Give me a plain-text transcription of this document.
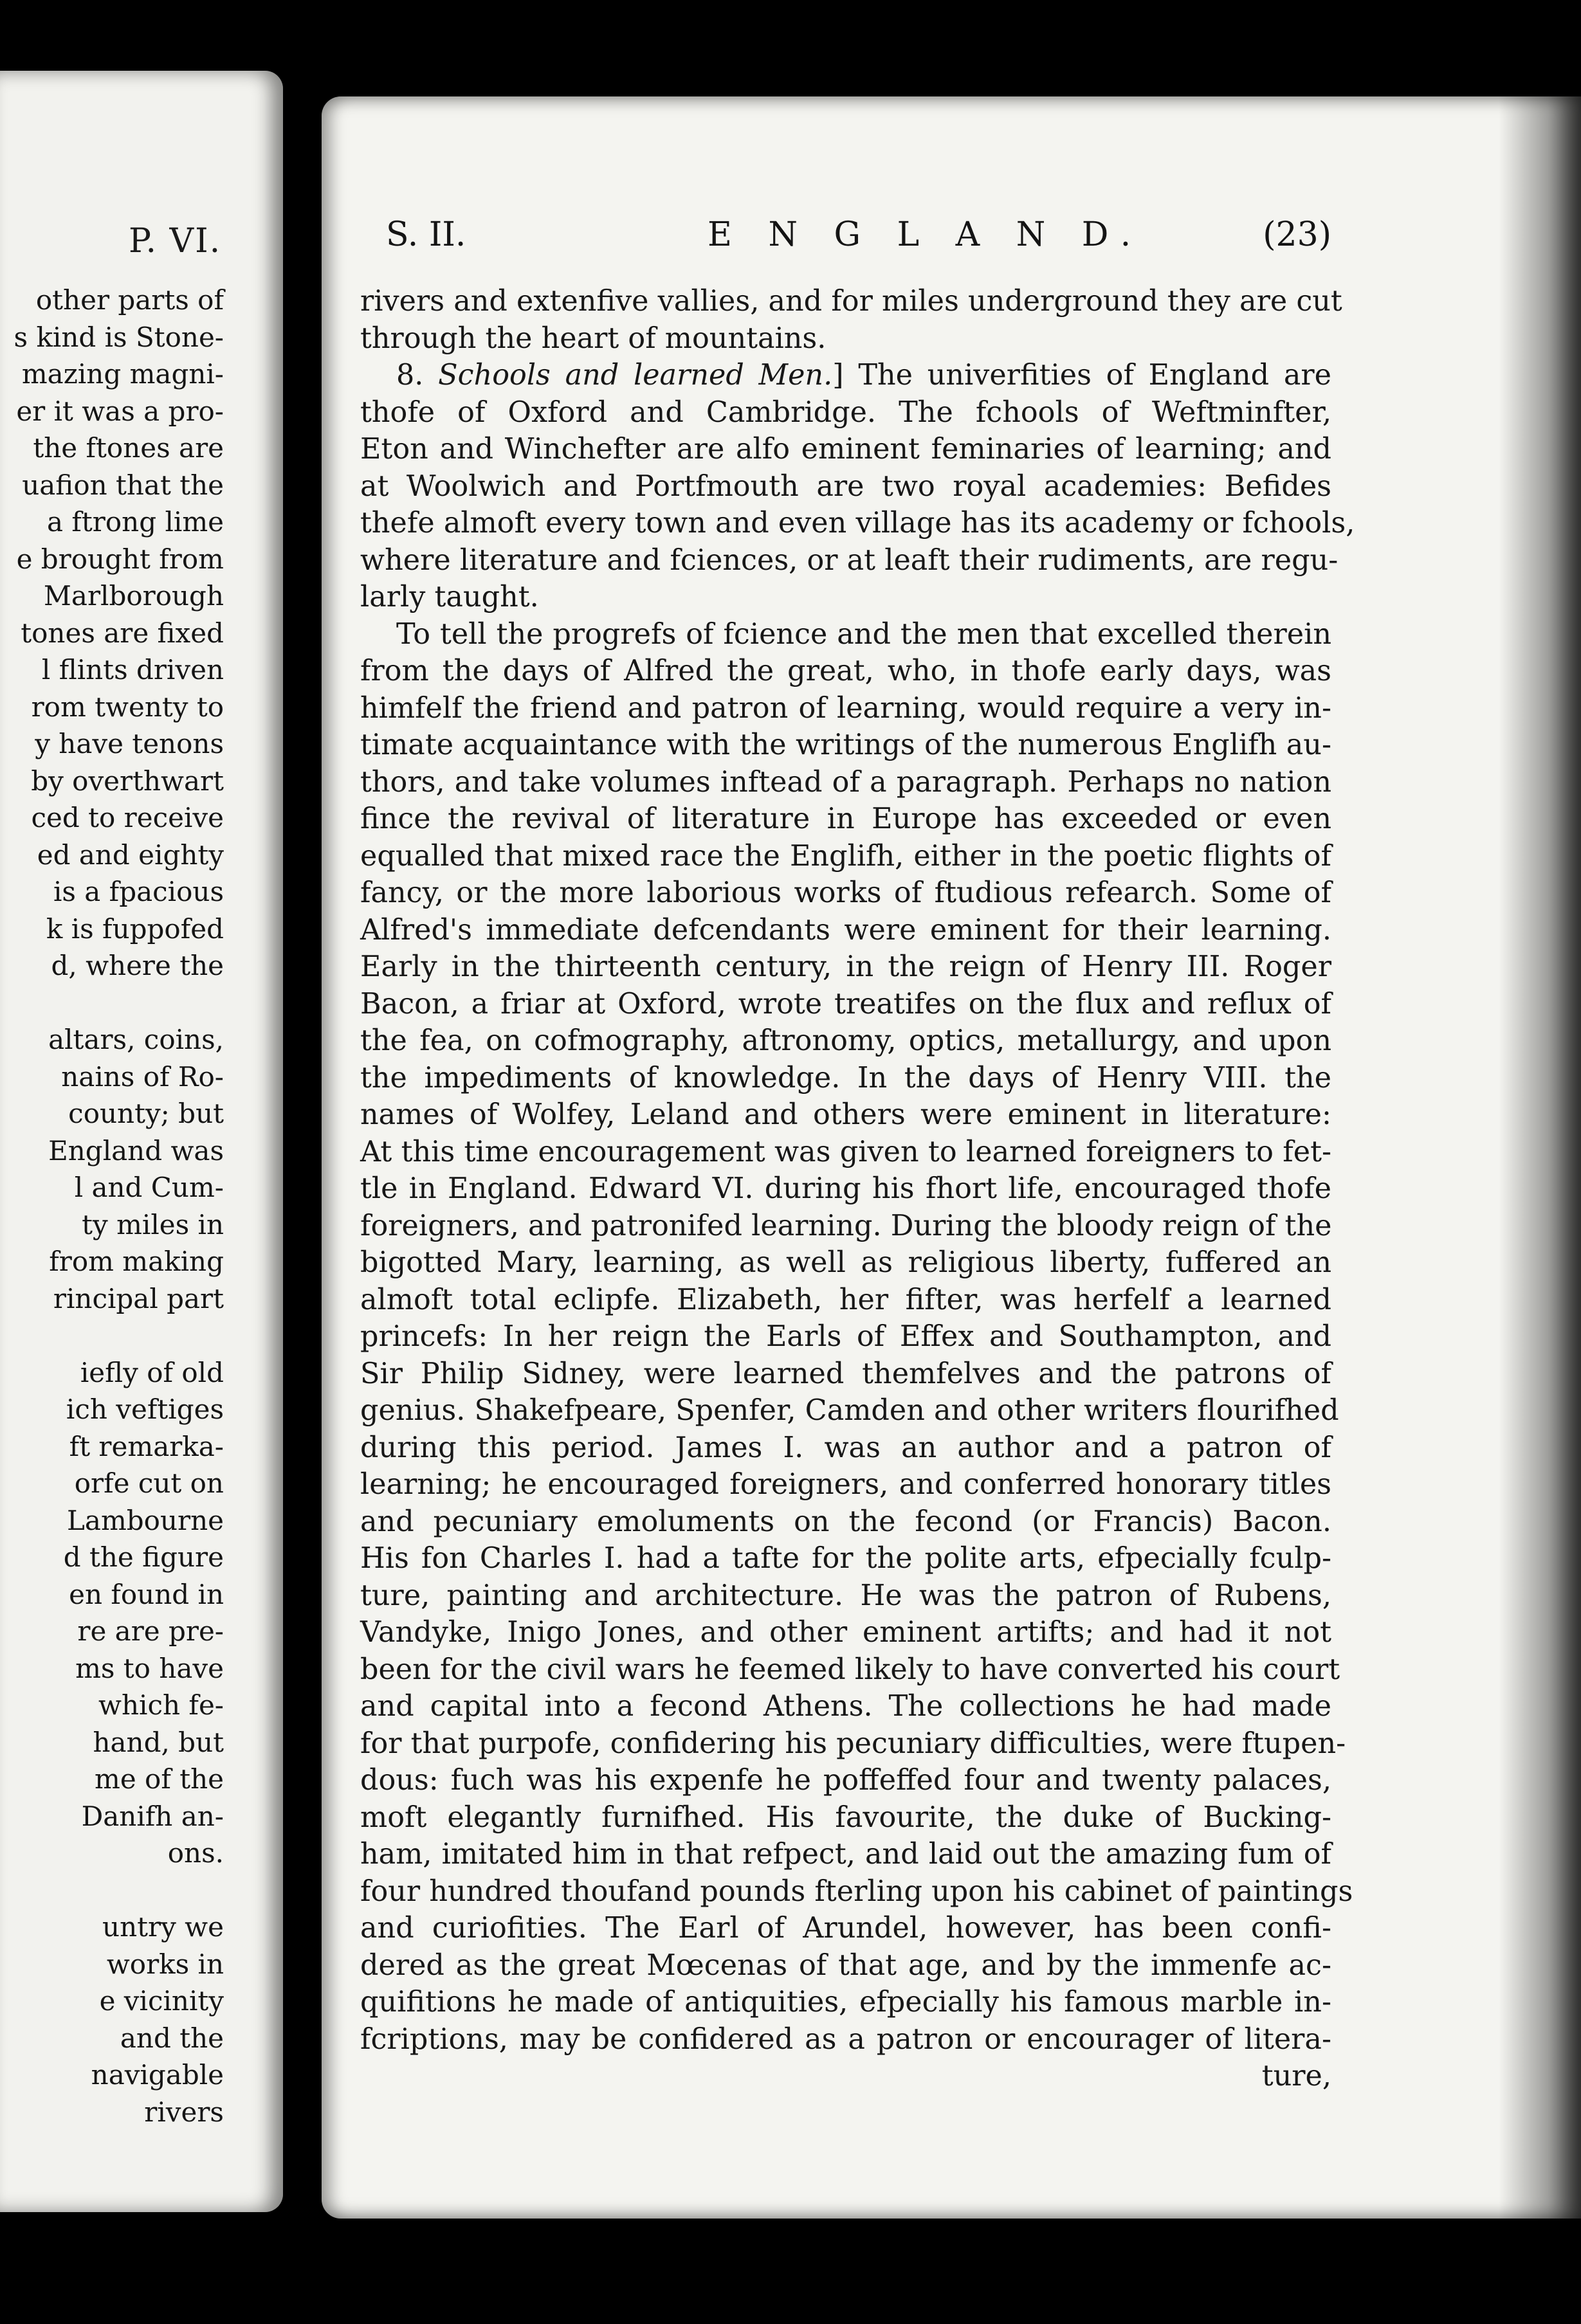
P. VI.
other parts of
s kind is Stone-
mazing magni-
er it was a pro-
the ftones are
uafion that the
a ftrong lime
e brought from
Marlborough
tones are fixed
l flints driven
rom twenty to
y have tenons
by overthwart
ced to receive
ed and eighty
is a fpacious
k is fuppofed
d, where the
altars, coins,
nains of Ro-
county; but
England was
l and Cum-
ty miles in
from making
rincipal part
iefly of old
ich veftiges
ft remarka-
orfe cut on
Lambourne
d the figure
en found in
re are pre-
ms to have
which fe-
hand, but
me of the
Danifh an-
ons.
untry we
works in
e vicinity
and the
navigable
rivers
S. II.	E N G L A N D.	(23)
rivers and extenfive vallies, and for miles underground they are cut
through the heart of mountains.
8. Schools and learned Men.] The univerfities of England are
thofe of Oxford and Cambridge. The fchools of Weftminfter,
Eton and Winchefter are alfo eminent feminaries of learning; and
at Woolwich and Portfmouth are two royal academies: Befides
thefe almoft every town and even village has its academy or fchools,
where literature and fciences, or at leaft their rudiments, are regu-
larly taught.
To tell the progrefs of fcience and the men that excelled therein
from the days of Alfred the great, who, in thofe early days, was
himfelf the friend and patron of learning, would require a very in-
timate acquaintance with the writings of the numerous Englifh au-
thors, and take volumes inftead of a paragraph. Perhaps no nation
fince the revival of literature in Europe has exceeded or even
equalled that mixed race the Englifh, either in the poetic flights of
fancy, or the more laborious works of ftudious refearch. Some of
Alfred's immediate defcendants were eminent for their learning.
Early in the thirteenth century, in the reign of Henry III. Roger
Bacon, a friar at Oxford, wrote treatifes on the flux and reflux of
the fea, on cofmography, aftronomy, optics, metallurgy, and upon
the impediments of knowledge. In the days of Henry VIII. the
names of Wolfey, Leland and others were eminent in literature:
At this time encouragement was given to learned foreigners to fet-
tle in England. Edward VI. during his fhort life, encouraged thofe
foreigners, and patronifed learning. During the bloody reign of the
bigotted Mary, learning, as well as religious liberty, fuffered an
almoft total eclipfe. Elizabeth, her fifter, was herfelf a learned
princefs: In her reign the Earls of Effex and Southampton, and
Sir Philip Sidney, were learned themfelves and the patrons of
genius. Shakefpeare, Spenfer, Camden and other writers flourifhed
during this period. James I. was an author and a patron of
learning; he encouraged foreigners, and conferred honorary titles
and pecuniary emoluments on the fecond (or Francis) Bacon.
His fon Charles I. had a tafte for the polite arts, efpecially fculp-
ture, painting and architecture. He was the patron of Rubens,
Vandyke, Inigo Jones, and other eminent artifts; and had it not
been for the civil wars he feemed likely to have converted his court
and capital into a fecond Athens. The collections he had made
for that purpofe, confidering his pecuniary difficulties, were ftupen-
dous: fuch was his expenfe he poffeffed four and twenty palaces,
moft elegantly furnifhed. His favourite, the duke of Bucking-
ham, imitated him in that refpect, and laid out the amazing fum of
four hundred thoufand pounds fterling upon his cabinet of paintings
and curiofities. The Earl of Arundel, however, has been confi-
dered as the great Mœcenas of that age, and by the immenfe ac-
quifitions he made of antiquities, efpecially his famous marble in-
fcriptions, may be confidered as a patron or encourager of litera-
ture,
